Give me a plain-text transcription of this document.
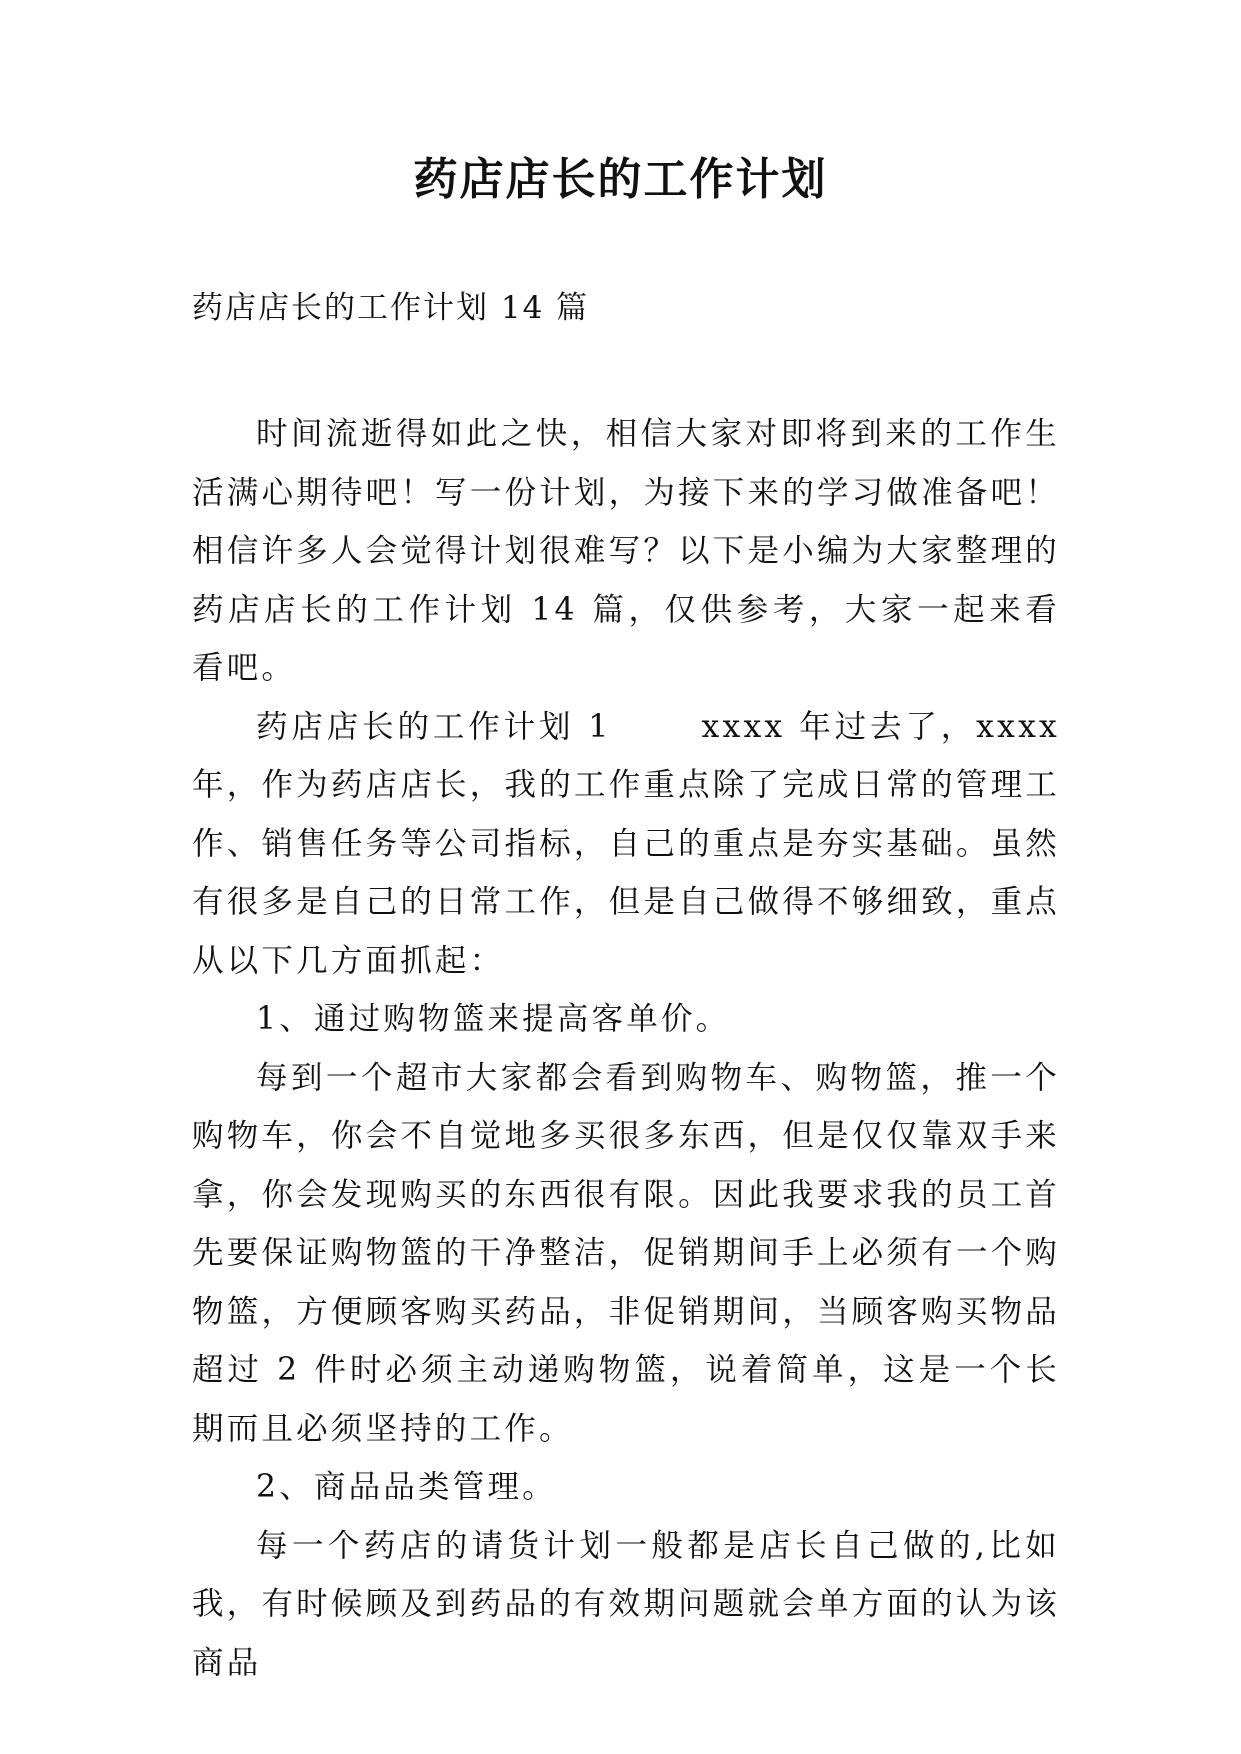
药店店长的工作计划
药店店长的工作计划 14 篇

时间流逝得如此之快，相信大家对即将到来的工作生活满心期待吧！写一份计划，为接下来的学习做准备吧！相信许多人会觉得计划很难写？以下是小编为大家整理的药店店长的工作计划 14 篇，仅供参考，大家一起来看看吧。

药店店长的工作计划 1	xxxx 年过去了，xxxx 年，作为药店店长，我的工作重点除了完成日常的管理工作、销售任务等公司指标，自己的重点是夯实基础。虽然有很多是自己的日常工作，但是自己做得不够细致，重点从以下几方面抓起：

1、通过购物篮来提高客单价。

每到一个超市大家都会看到购物车、购物篮，推一个购物车，你会不自觉地多买很多东西，但是仅仅靠双手来拿，你会发现购买的东西很有限。因此我要求我的员工首先要保证购物篮的干净整洁，促销期间手上必须有一个购物篮，方便顾客购买药品，非促销期间，当顾客购买物品超过 2 件时必须主动递购物篮，说着简单，这是一个长期而且必须坚持的工作。

2、商品品类管理。

每一个药店的请货计划一般都是店长自己做的,比如我，有时候顾及到药品的有效期问题就会单方面的认为该商品
